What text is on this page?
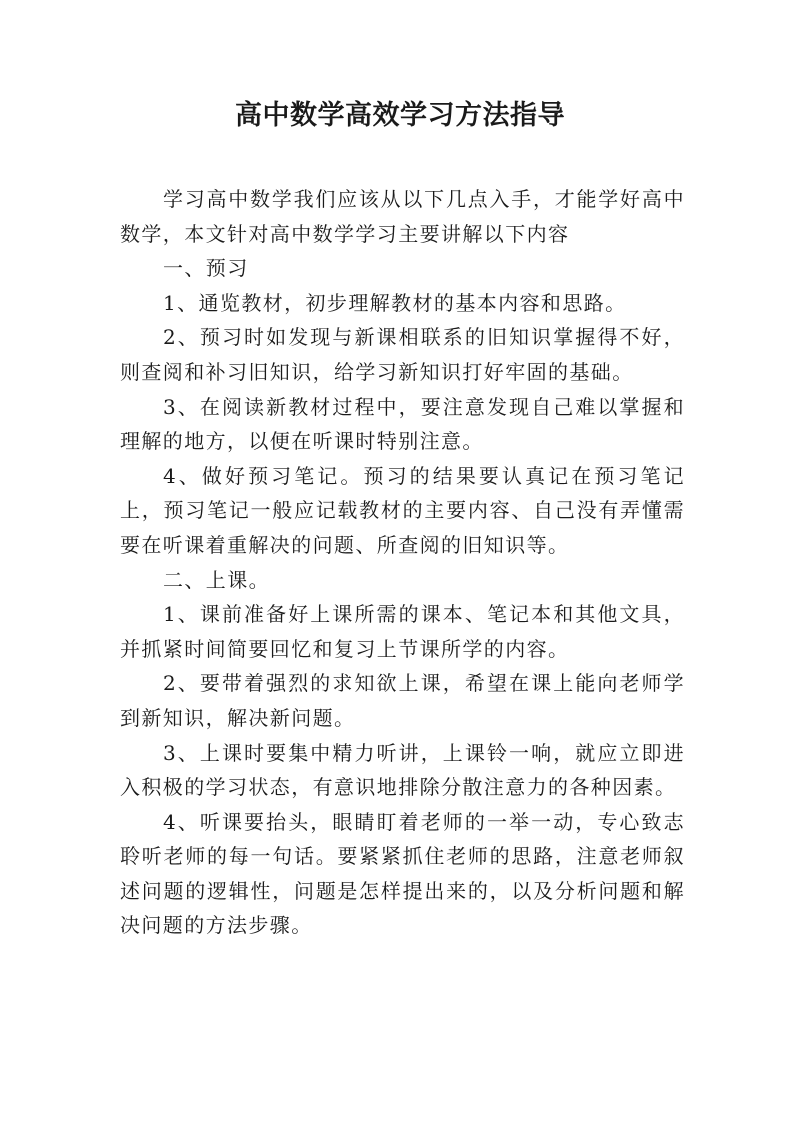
高中数学高效学习方法指导

学习高中数学我们应该从以下几点入手，才能学好高中数学，本文针对高中数学学习主要讲解以下内容

一、预习

1、通览教材，初步理解教材的基本内容和思路。

2、预习时如发现与新课相联系的旧知识掌握得不好，则查阅和补习旧知识，给学习新知识打好牢固的基础。

3、在阅读新教材过程中，要注意发现自己难以掌握和理解的地方，以便在听课时特别注意。

4、做好预习笔记。预习的结果要认真记在预习笔记上，预习笔记一般应记载教材的主要内容、自己没有弄懂需要在听课着重解决的问题、所查阅的旧知识等。

二、上课。

1、课前准备好上课所需的课本、笔记本和其他文具，并抓紧时间简要回忆和复习上节课所学的内容。

2、要带着强烈的求知欲上课，希望在课上能向老师学到新知识，解决新问题。

3、上课时要集中精力听讲，上课铃一响，就应立即进入积极的学习状态，有意识地排除分散注意力的各种因素。

4、听课要抬头，眼睛盯着老师的一举一动，专心致志聆听老师的每一句话。要紧紧抓住老师的思路，注意老师叙述问题的逻辑性，问题是怎样提出来的，以及分析问题和解决问题的方法步骤。
